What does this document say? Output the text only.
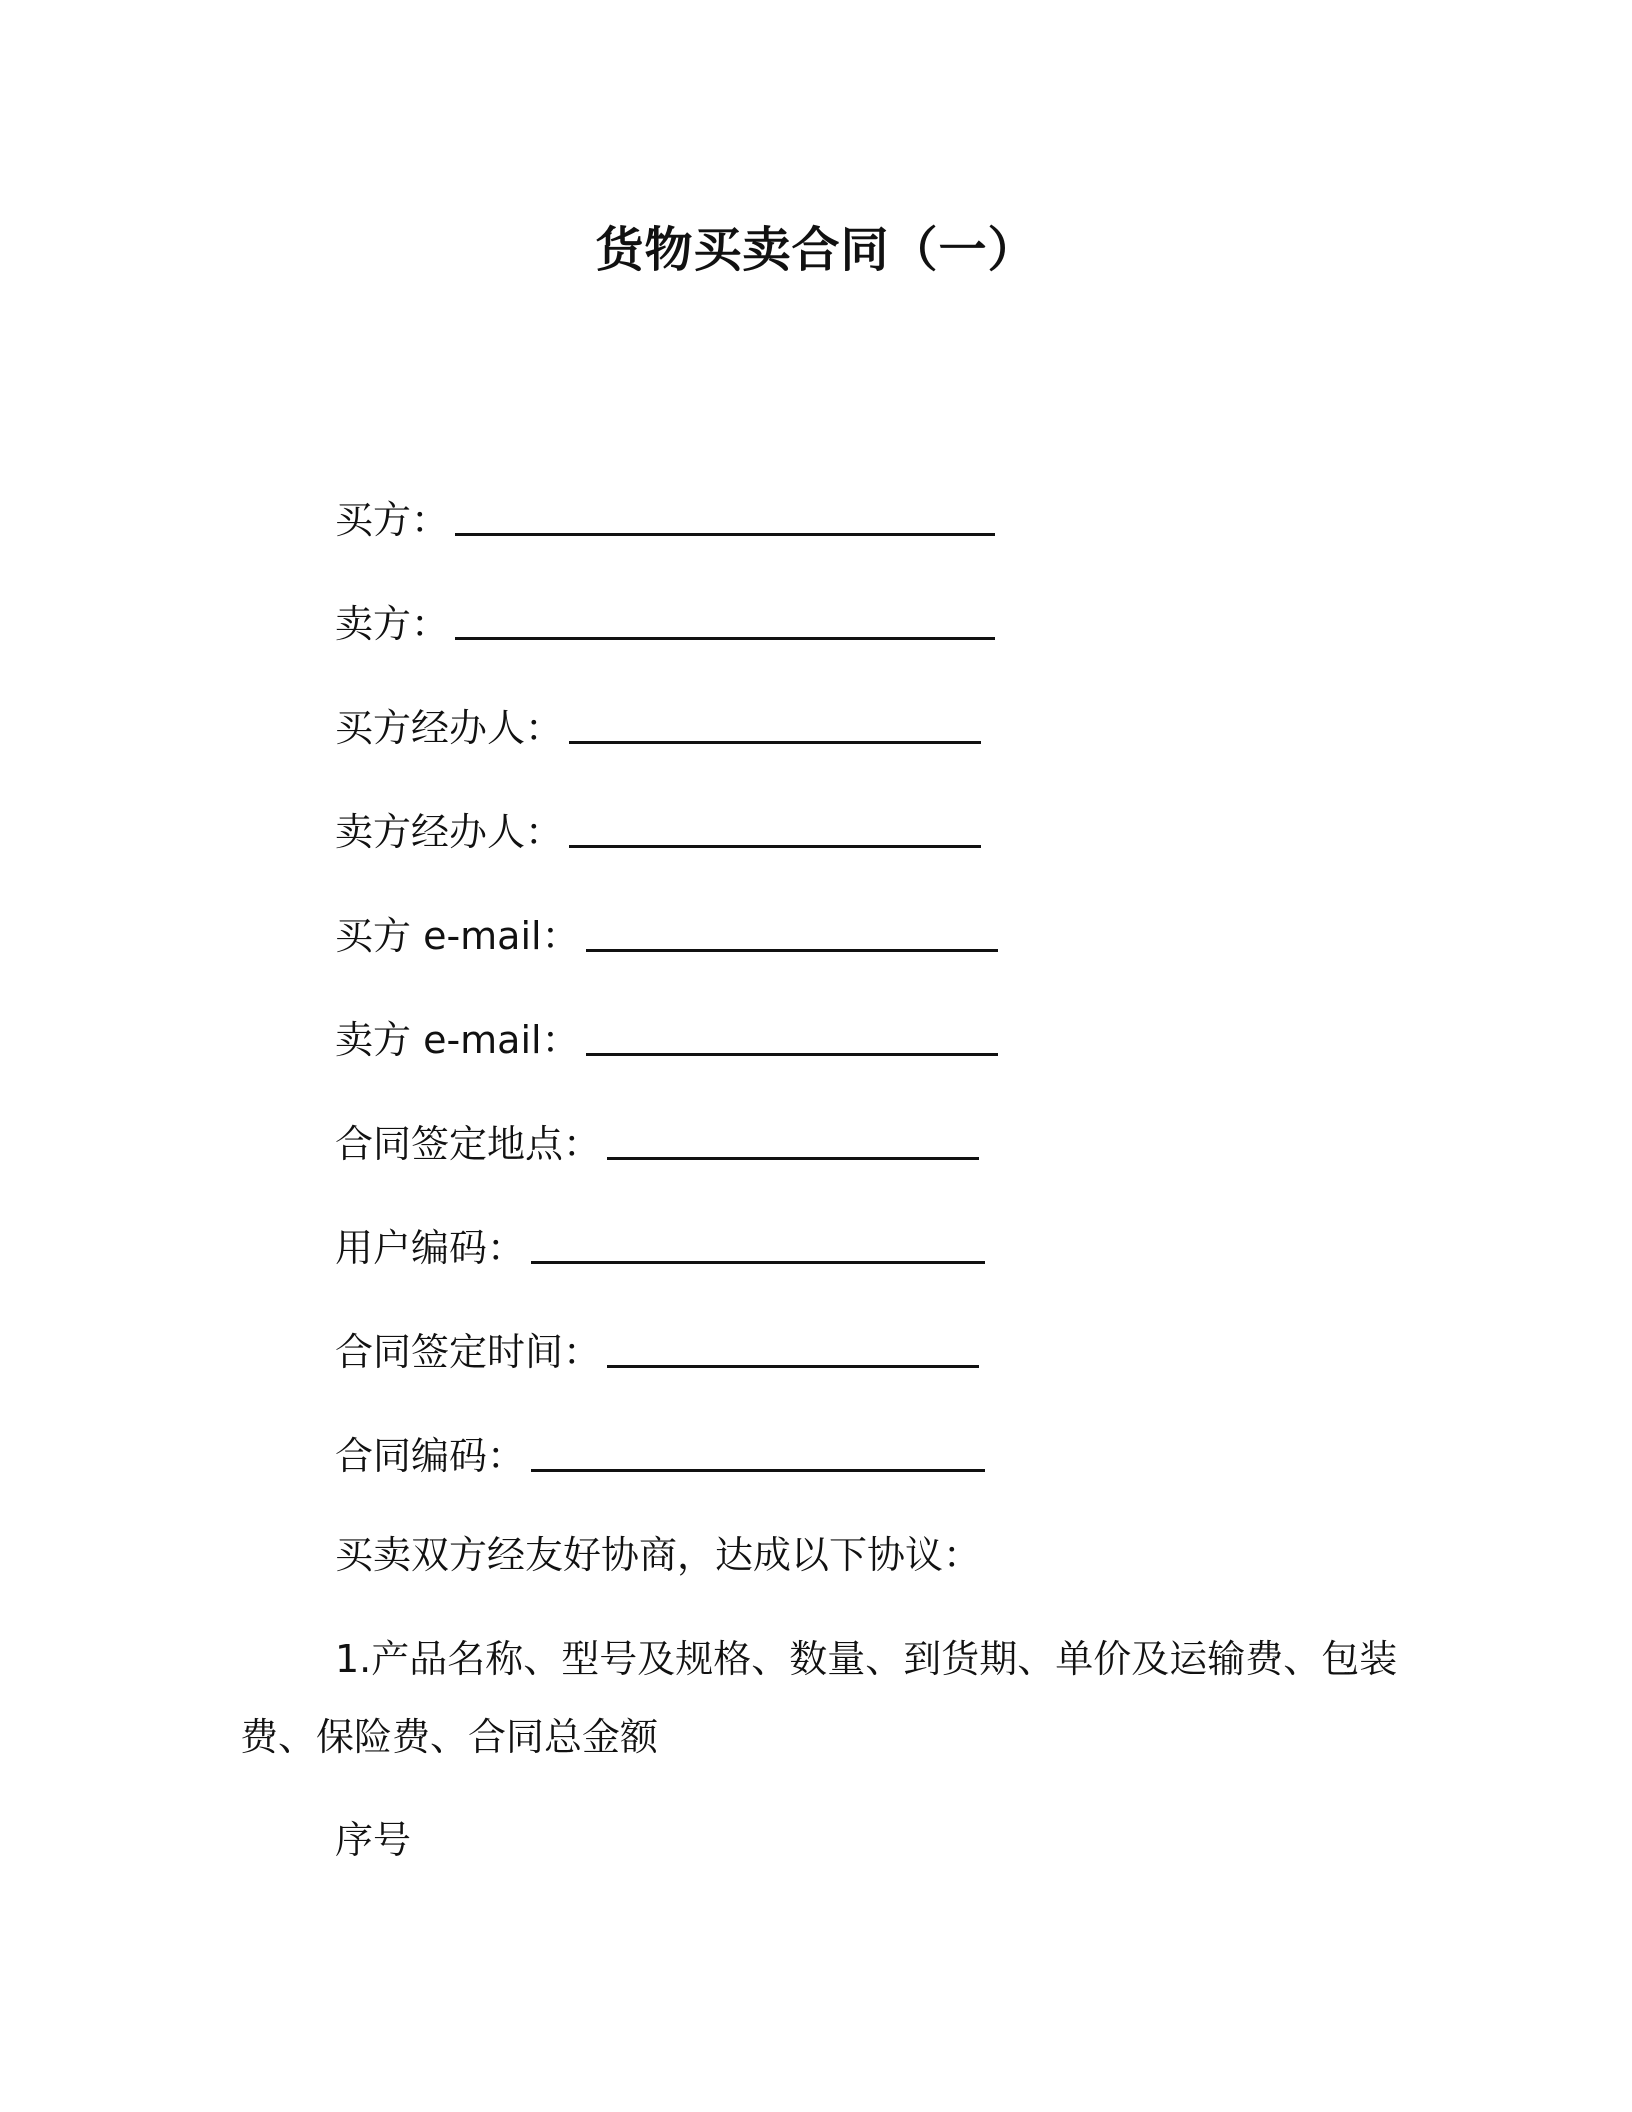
货物买卖合同（一）
买方：
卖方：
买方经办人：
卖方经办人：
买方 e-mail：
卖方 e-mail：
合同签定地点：
用户编码：
合同签定时间：
合同编码：
买卖双方经友好协商，达成以下协议：
1.产品名称、型号及规格、数量、到货期、单价及运输费、包装
费、保险费、合同总金额
序号
